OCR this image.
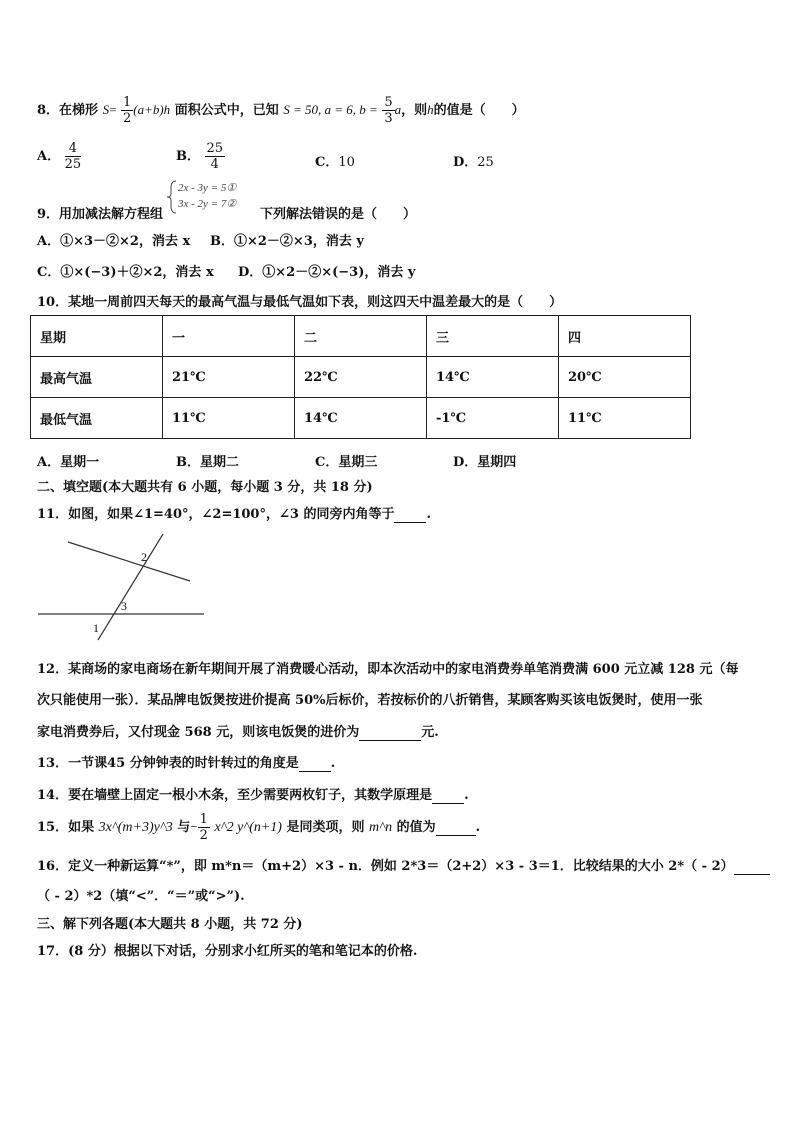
8．在梯形 $S= \frac{1}{2} (a+b)h$ 面积公式中，已知 S = 50, a = 6, $b = \frac{5}{3}$ a，则h的值是（　　）
A． $\frac{4}{25}$	B． $\frac{25}{4}$	C．10	D．25
9．用加减法解方程组
2x - 3y = 5①
3x - 2y = 7②
下列解法错误的是（　　）
A．①×3－②×2，消去 x B．①×2－②×3，消去 y
C．①×(−3)＋②×2，消去 x D．①×2－②×(−3)，消去 y
10．某地一周前四天每天的最高气温与最低气温如下表，则这四天中温差最大的是（　　）
星期	一	二	三	四
最高气温	21℃	22℃	14℃	20℃
最低气温	11℃	14℃	-1℃	11℃
A．星期一	B．星期二	C．星期三	D．星期四
二、填空题(本大题共有 6 小题，每小题 3 分，共 18 分)
11．如图，如果∠1=40°，∠2=100°，∠3 的同旁内角等于 .
2
3
1
12．某商场的家电商场在新年期间开展了消费暖心活动，即本次活动中的家电消费券单笔消费满 600 元立减 128 元（每
次只能使用一张）．某品牌电饭煲按进价提高 50%后标价，若按标价的八折销售，某顾客购买该电饭煲时，使用一张
家电消费券后，又付现金 568 元，则该电饭煲的进价为	元.
13．一节课45 分钟钟表的时针转过的角度是 .
14．要在墙壁上固定一根小木条，至少需要两枚钉子，其数学原理是 .
15．如果 3x^(m+3)y^3 与− $\frac{1}{2}$ x^2 y^(n+1) 是同类项，则 m^n 的值为	.
16．定义一种新运算“*”，即 m*n＝（m+2）×3 - n．例如 2*3＝（2+2）×3 - 3＝1．比较结果的大小 2*（ - 2）
（ - 2）*2（填“<”．“＝”或“>”).
三、解下列各题(本大题共 8 小题，共 72 分)
17．(8 分）根据以下对话，分别求小红所买的笔和笔记本的价格.
